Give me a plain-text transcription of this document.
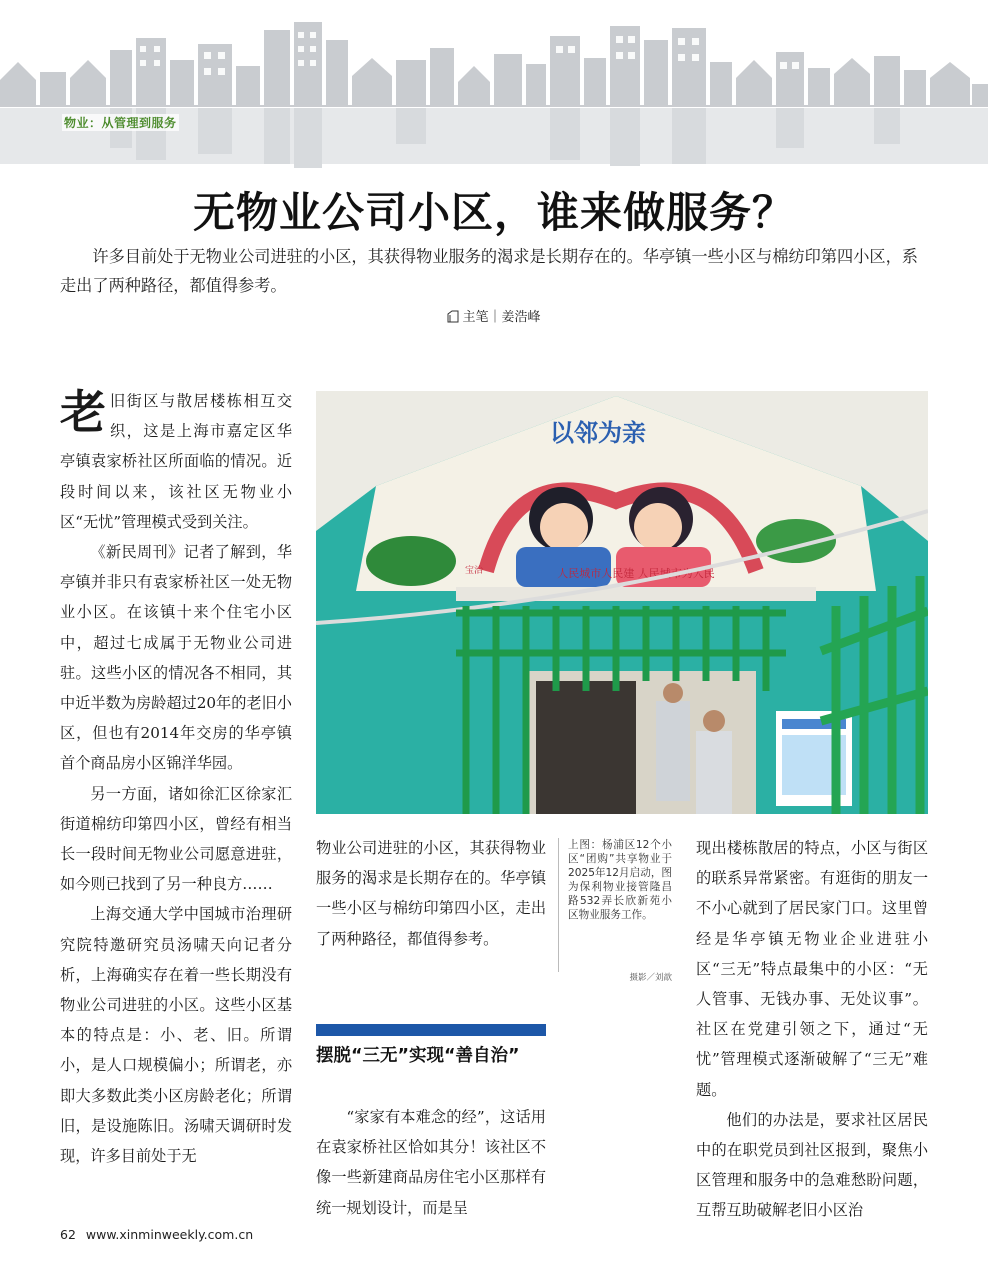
物业：从管理到服务
无物业公司小区，谁来做服务？

许多目前处于无物业公司进驻的小区，其获得物业服务的渴求是长期存在的。华亭镇一些小区与棉纺印第四小区，系走出了两种路径，都值得参考。

主笔｜姜浩峰

老旧街区与散居楼栋相互交织，这是上海市嘉定区华亭镇袁家桥社区所面临的情况。近段时间以来，该社区无物业小区“无忧”管理模式受到关注。

《新民周刊》记者了解到，华亭镇并非只有袁家桥社区一处无物业小区。在该镇十来个住宅小区中，超过七成属于无物业公司进驻。这些小区的情况各不相同，其中近半数为房龄超过20年的老旧小区，但也有2014年交房的华亭镇首个商品房小区锦洋华园。

另一方面，诸如徐汇区徐家汇街道棉纺印第四小区，曾经有相当长一段时间无物业公司愿意进驻，如今则已找到了另一种良方……

上海交通大学中国城市治理研究院特邀研究员汤啸天向记者分析，上海确实存在着一些长期没有物业公司进驻的小区。这些小区基本的特点是：小、老、旧。所谓小，是人口规模偏小；所谓老，亦即大多数此类小区房龄老化；所谓旧，是设施陈旧。汤啸天调研时发现，许多目前处于无

以邻为亲
人民城市人民建 人民城市为人民
宝治

物业公司进驻的小区，其获得物业服务的渴求是长期存在的。华亭镇一些小区与棉纺印第四小区，走出了两种路径，都值得参考。

摆脱“三无”实现“善自治”

“家家有本难念的经”，这话用在袁家桥社区恰如其分！该社区不像一些新建商品房住宅小区那样有统一规划设计，而是呈

上图：杨浦区12个小区“团购”共享物业于2025年12月启动，图为保利物业接管隆昌路532弄长欣新苑小区物业服务工作。

摄影／刘歆

现出楼栋散居的特点，小区与街区的联系异常紧密。有逛街的朋友一不小心就到了居民家门口。这里曾经是华亭镇无物业企业进驻小区“三无”特点最集中的小区：“无人管事、无钱办事、无处议事”。社区在党建引领之下，通过“无忧”管理模式逐渐破解了“三无”难题。

他们的办法是，要求社区居民中的在职党员到社区报到，聚焦小区管理和服务中的急难愁盼问题，互帮互助破解老旧小区治

62 www.xinminweekly.com.cn
